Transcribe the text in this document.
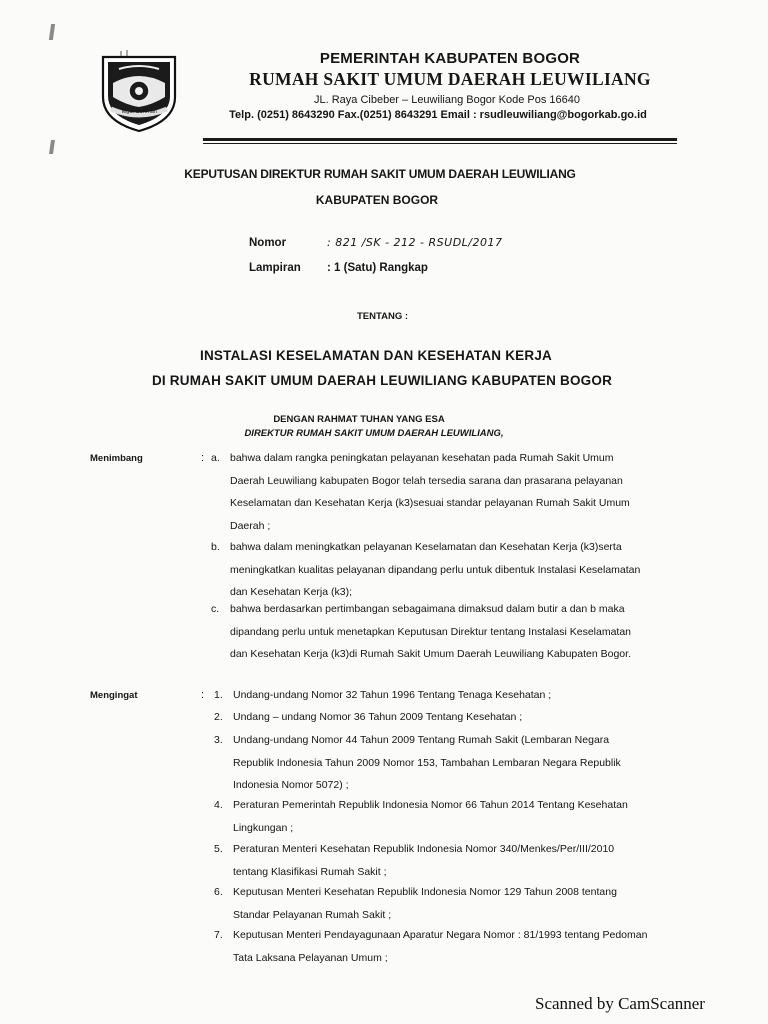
Tegar Beriman
PEMERINTAH KABUPATEN BOGOR
RUMAH SAKIT UMUM DAERAH LEUWILIANG
JL. Raya Cibeber – Leuwiliang Bogor Kode Pos 16640
Telp. (0251) 8643290 Fax.(0251) 8643291 Email : rsudleuwiliang@bogorkab.go.id
KEPUTUSAN DIREKTUR RUMAH SAKIT UMUM DAERAH LEUWILIANG
KABUPATEN BOGOR
Nomor	: 821 /SK - 212 - RSUDL/2017
Lampiran : 1 (Satu) Rangkap
TENTANG :
INSTALASI KESELAMATAN DAN KESEHATAN KERJA
DI RUMAH SAKIT UMUM DAERAH LEUWILIANG KABUPATEN BOGOR
DENGAN RAHMAT TUHAN YANG ESA
DIREKTUR RUMAH SAKIT UMUM DAERAH LEUWILIANG,
Menimbang	: a. bahwa dalam rangka peningkatan pelayanan kesehatan pada Rumah Sakit Umum
Daerah Leuwiliang kabupaten Bogor telah tersedia sarana dan prasarana pelayanan
Keselamatan dan Kesehatan Kerja (k3)sesuai standar pelayanan Rumah Sakit Umum
Daerah ;
b. bahwa dalam meningkatkan pelayanan Keselamatan dan Kesehatan Kerja (k3)serta
meningkatkan kualitas pelayanan dipandang perlu untuk dibentuk Instalasi Keselamatan
dan Kesehatan Kerja (k3);
c. bahwa berdasarkan pertimbangan sebagaimana dimaksud dalam butir a dan b maka
dipandang perlu untuk menetapkan Keputusan Direktur tentang Instalasi Keselamatan
dan Kesehatan Kerja (k3)di Rumah Sakit Umum Daerah Leuwiliang Kabupaten Bogor.
Mengingat	: 1. Undang-undang Nomor 32 Tahun 1996 Tentang Tenaga Kesehatan ;
2. Undang – undang Nomor 36 Tahun 2009 Tentang Kesehatan ;
3. Undang-undang Nomor 44 Tahun 2009 Tentang Rumah Sakit (Lembaran Negara
Republik Indonesia Tahun 2009 Nomor 153, Tambahan Lembaran Negara Republik
Indonesia Nomor 5072) ;
4. Peraturan Pemerintah Republik Indonesia Nomor 66 Tahun 2014 Tentang Kesehatan
Lingkungan ;
5. Peraturan Menteri Kesehatan Republik Indonesia Nomor 340/Menkes/Per/III/2010
tentang Klasifikasi Rumah Sakit ;
6. Keputusan Menteri Kesehatan Republik Indonesia Nomor 129 Tahun 2008 tentang
Standar Pelayanan Rumah Sakit ;
7. Keputusan Menteri Pendayagunaan Aparatur Negara Nomor : 81/1993 tentang Pedoman
Tata Laksana Pelayanan Umum ;
Scanned by CamScanner
